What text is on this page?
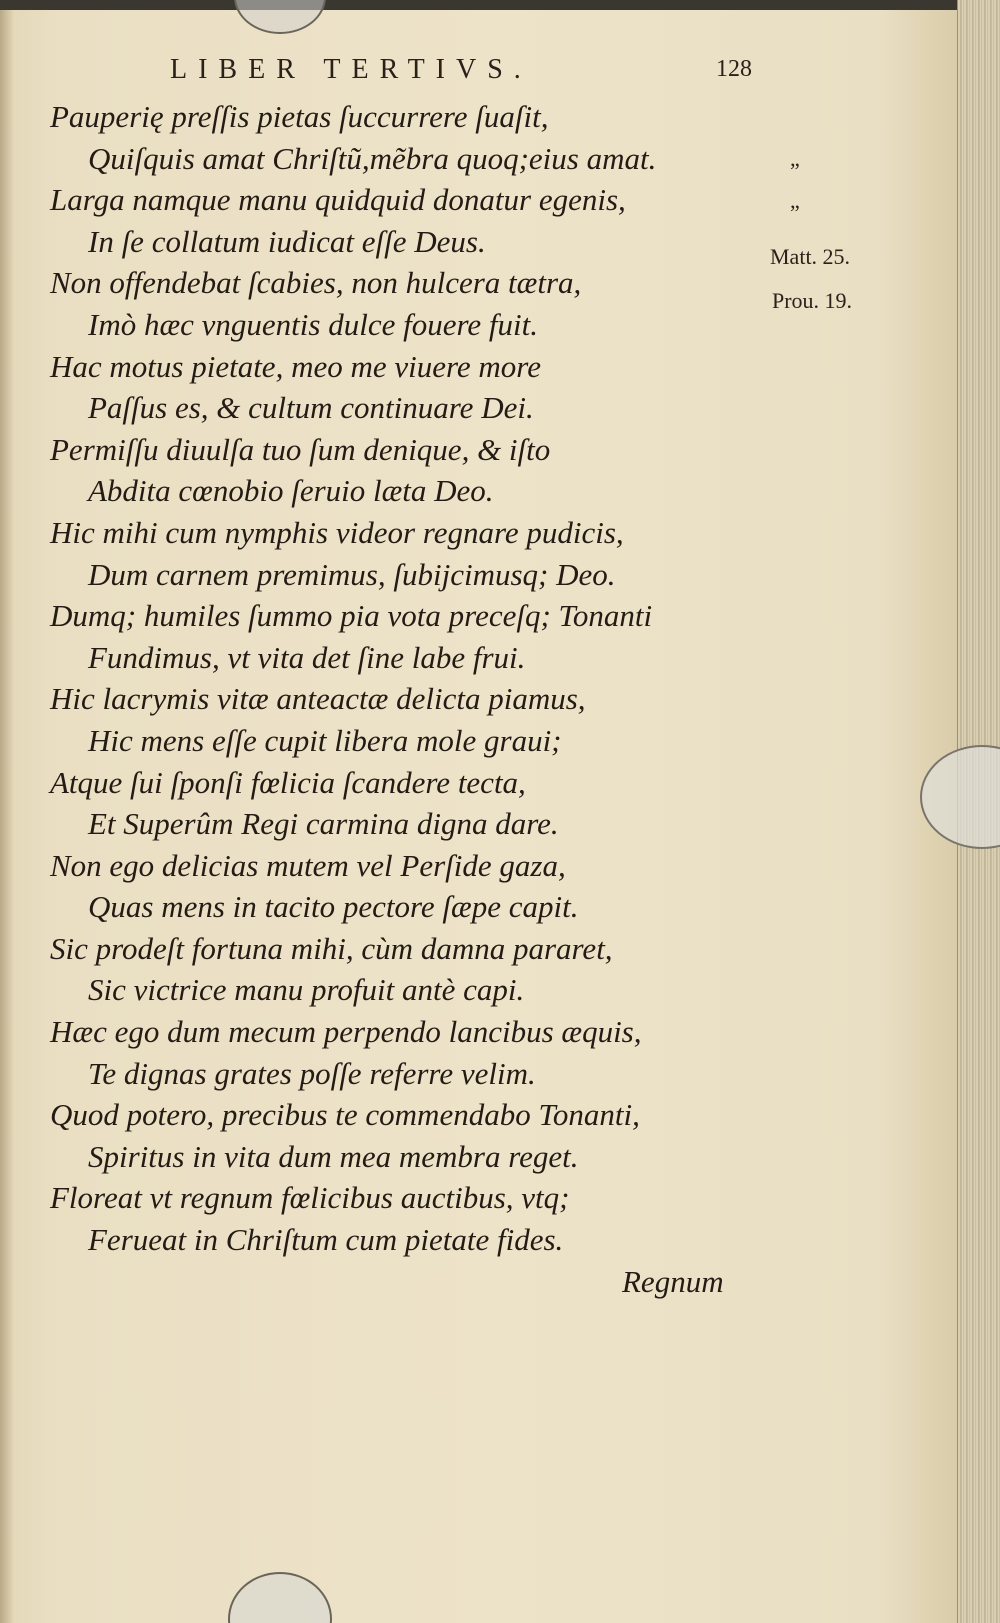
LIBER TERTIVS.	128
Pauperię preſſis pietas ſuccurrere ſuaſit,
Quiſquis amat Chriſtũ,mẽbra quoq;eius amat.
Larga namque manu quidquid donatur egenis,
In ſe collatum iudicat eſſe Deus.
Non offendebat ſcabies, non hulcera tætra,
Imò hæc vnguentis dulce fouere fuit.
Hac motus pietate, meo me viuere more
Paſſus es, & cultum continuare Dei.
Permiſſu diuulſa tuo ſum denique, & iſto
Abdita cœnobio ſeruio læta Deo.
Hic mihi cum nymphis videor regnare pudicis,
Dum carnem premimus, ſubijcimusq; Deo.
Dumq; humiles ſummo pia vota preceſq; Tonanti
Fundimus, vt vita det ſine labe frui.
Hic lacrymis vitæ anteactæ delicta piamus,
Hic mens eſſe cupit libera mole graui;
Atque ſui ſponſi fœlicia ſcandere tecta,
Et Superûm Regi carmina digna dare.
Non ego delicias mutem vel Perſide gaza,
Quas mens in tacito pectore ſæpe capit.
Sic prodeſt fortuna mihi, cùm damna pararet,
Sic victrice manu profuit antè capi.
Hæc ego dum mecum perpendo lancibus æquis,
Te dignas grates poſſe referre velim.
Quod potero, precibus te commendabo Tonanti,
Spiritus in vita dum mea membra reget.
Floreat vt regnum fœlicibus auctibus, vtq;
Ferueat in Chriſtum cum pietate fides.
Regnum
„
„
Matt. 25.
Prou. 19.
